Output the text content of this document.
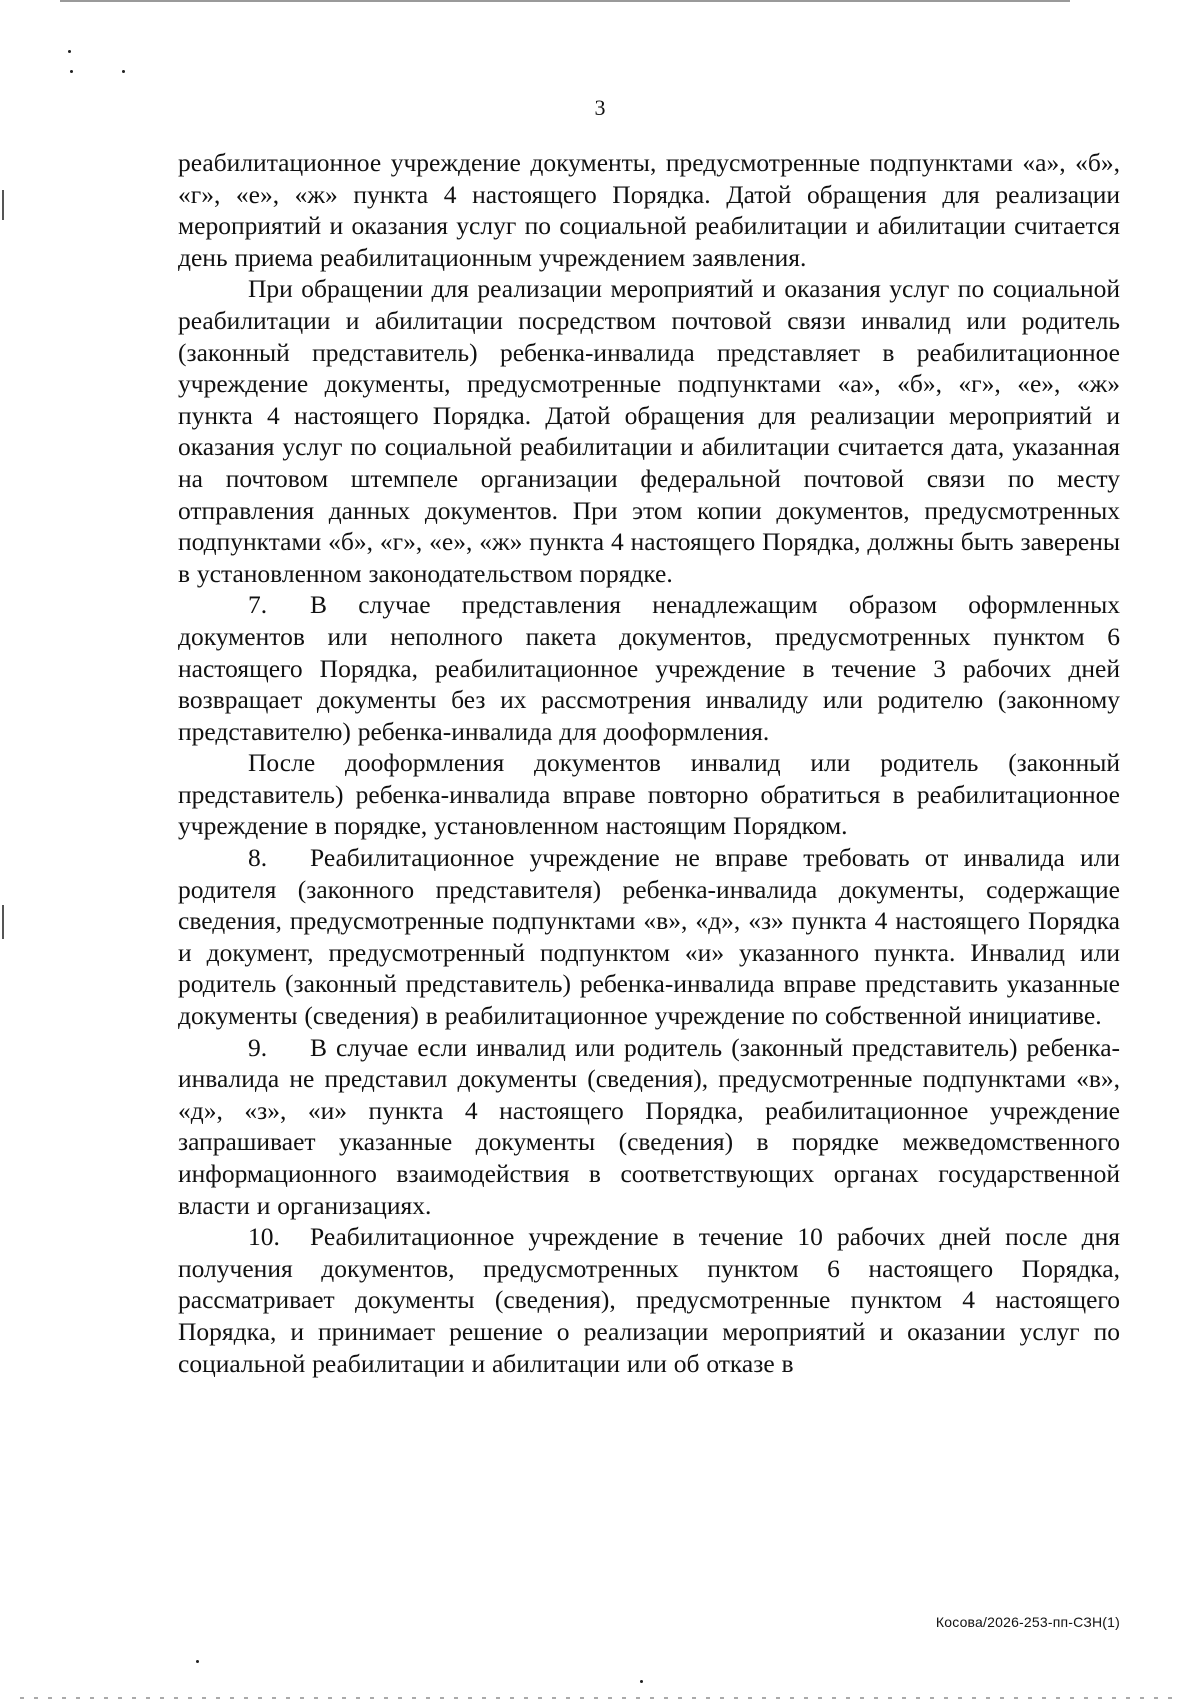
3

реабилитационное учреждение документы, предусмотренные подпунктами «а», «б», «г», «е», «ж» пункта 4 настоящего Порядка. Датой обращения для реализации мероприятий и оказания услуг по социальной реабилитации и абилитации считается день приема реабилитационным учреждением заявления.

При обращении для реализации мероприятий и оказания услуг по социальной реабилитации и абилитации посредством почтовой связи инвалид или родитель (законный представитель) ребенка-инвалида представляет в реабилитационное учреждение документы, предусмотренные подпунктами «а», «б», «г», «е», «ж» пункта 4 настоящего Порядка. Датой обращения для реализации мероприятий и оказания услуг по социальной реабилитации и абилитации считается дата, указанная на почтовом штемпеле организации федеральной почтовой связи по месту отправления данных документов. При этом копии документов, предусмотренных подпунктами «б», «г», «е», «ж» пункта 4 настоящего Порядка, должны быть заверены в установленном законодательством порядке.

7. В случае представления ненадлежащим образом оформленных документов или неполного пакета документов, предусмотренных пунктом 6 настоящего Порядка, реабилитационное учреждение в течение 3 рабочих дней возвращает документы без их рассмотрения инвалиду или родителю (законному представителю) ребенка-инвалида для дооформления.

После дооформления документов инвалид или родитель (законный представитель) ребенка-инвалида вправе повторно обратиться в реабилитационное учреждение в порядке, установленном настоящим Порядком.

8. Реабилитационное учреждение не вправе требовать от инвалида или родителя (законного представителя) ребенка-инвалида документы, содержащие сведения, предусмотренные подпунктами «в», «д», «з» пункта 4 настоящего Порядка и документ, предусмотренный подпунктом «и» указанного пункта. Инвалид или родитель (законный представитель) ребенка-инвалида вправе представить указанные документы (сведения) в реабилитационное учреждение по собственной инициативе.

9. В случае если инвалид или родитель (законный представитель) ребенка-инвалида не представил документы (сведения), предусмотренные подпунктами «в», «д», «з», «и» пункта 4 настоящего Порядка, реабилитационное учреждение запрашивает указанные документы (сведения) в порядке межведомственного информационного взаимодействия в соответствующих органах государственной власти и организациях.

10. Реабилитационное учреждение в течение 10 рабочих дней после дня получения документов, предусмотренных пунктом 6 настоящего Порядка, рассматривает документы (сведения), предусмотренные пунктом 4 настоящего Порядка, и принимает решение о реализации мероприятий и оказании услуг по социальной реабилитации и абилитации или об отказе в

Косова/2026-253-пп-СЗН(1)
